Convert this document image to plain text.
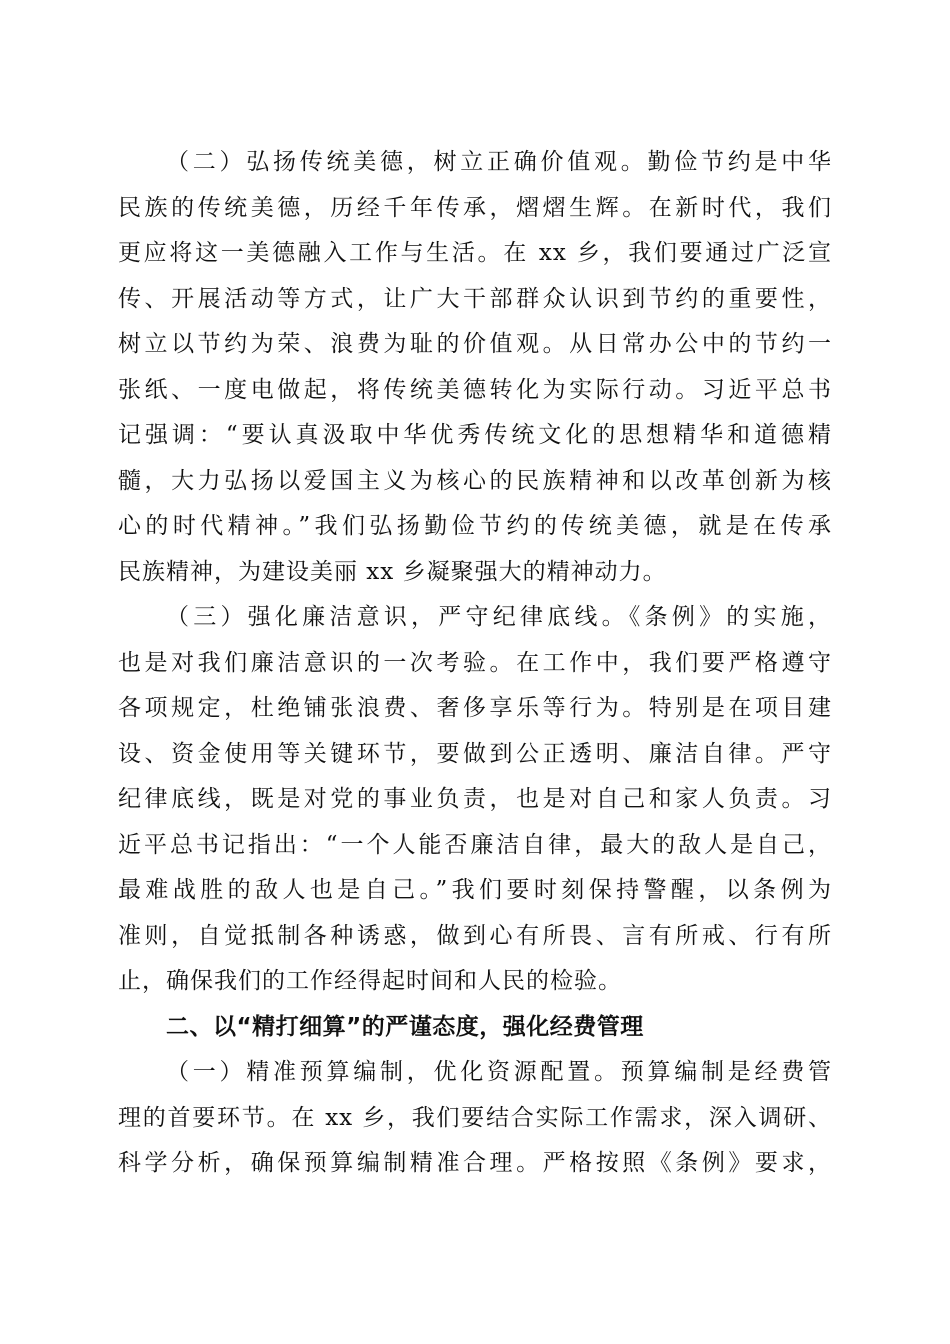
（二）弘扬传统美德，树立正确价值观。勤俭节约是中华
民族的传统美德，历经千年传承，熠熠生辉。在新时代，我们
更应将这一美德融入工作与生活。在 xx 乡，我们要通过广泛宣
传、开展活动等方式，让广大干部群众认识到节约的重要性，
树立以节约为荣、浪费为耻的价值观。从日常办公中的节约一
张纸、一度电做起，将传统美德转化为实际行动。习近平总书
记强调：“要认真汲取中华优秀传统文化的思想精华和道德精
髓，大力弘扬以爱国主义为核心的民族精神和以改革创新为核
心的时代精神。”我们弘扬勤俭节约的传统美德，就是在传承
民族精神，为建设美丽 xx 乡凝聚强大的精神动力。
（三）强化廉洁意识，严守纪律底线。《条例》的实施，
也是对我们廉洁意识的一次考验。在工作中，我们要严格遵守
各项规定，杜绝铺张浪费、奢侈享乐等行为。特别是在项目建
设、资金使用等关键环节，要做到公正透明、廉洁自律。严守
纪律底线，既是对党的事业负责，也是对自己和家人负责。习
近平总书记指出：“一个人能否廉洁自律，最大的敌人是自己，
最难战胜的敌人也是自己。”我们要时刻保持警醒，以条例为
准则，自觉抵制各种诱惑，做到心有所畏、言有所戒、行有所
止，确保我们的工作经得起时间和人民的检验。
二、以“精打细算”的严谨态度，强化经费管理
（一）精准预算编制，优化资源配置。预算编制是经费管
理的首要环节。在 xx 乡，我们要结合实际工作需求，深入调研、
科学分析，确保预算编制精准合理。严格按照《条例》要求，
